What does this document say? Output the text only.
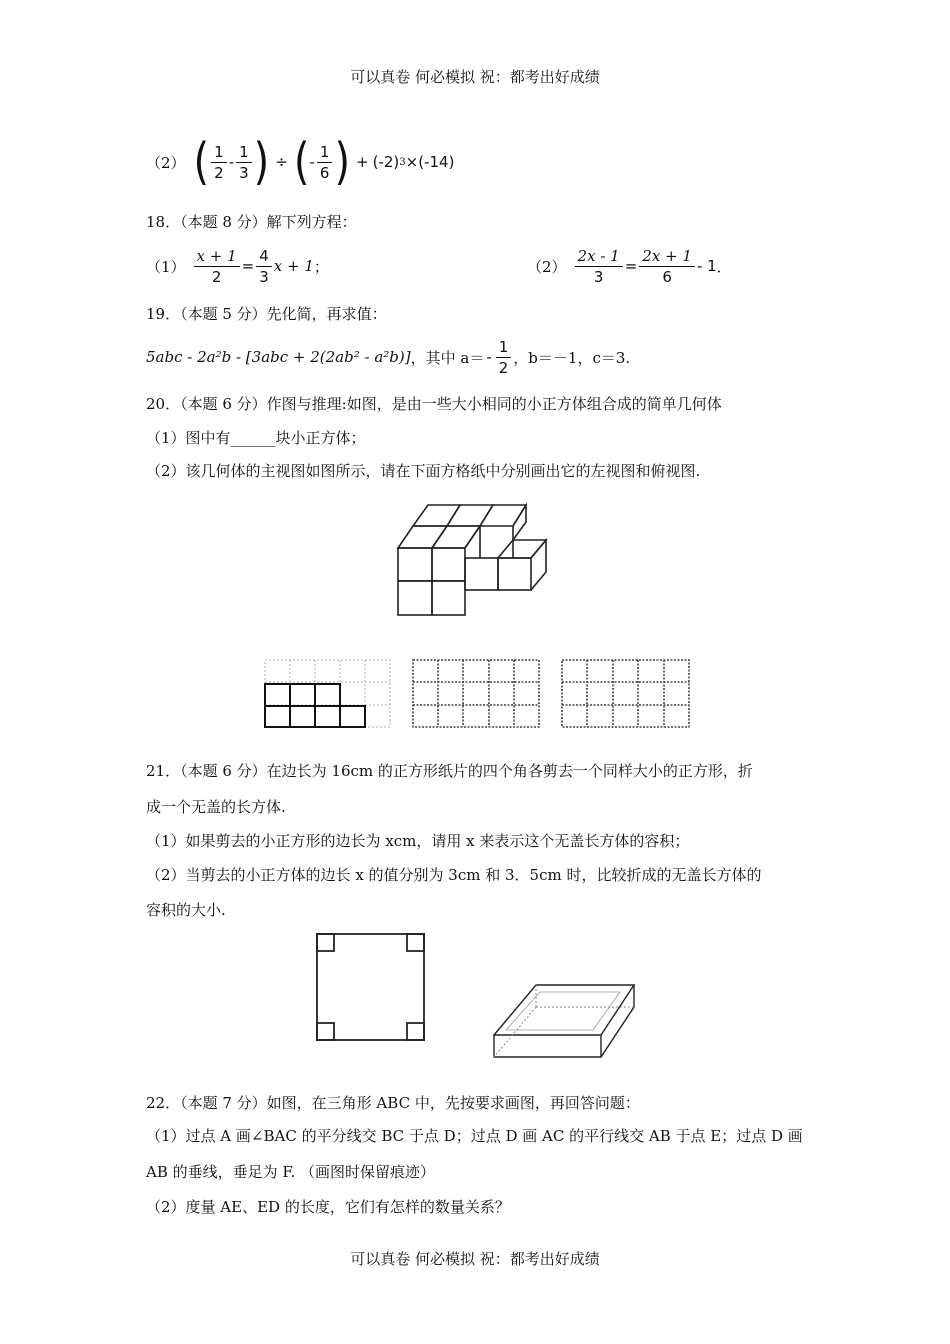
可以真卷 何必模拟 祝：都考出好成绩
（2） ( $\frac{1}{2} - \frac{1}{3}$ ) ÷ ( - $\frac{1}{6}$ ) + (-2) 3 ×(-14)
18．（本题 8 分）解下列方程：
$(1) \frac{x + 1}{2} = \frac{4}{3}$ x + 1 ；	$(2) \frac{2x - 1}{3} = \frac{2x + 1}{6} - 1$ ．
19．（本题 5 分）先化简，再求值：
5abc - 2a²b - [3abc + 2(2ab² - a²b)] ，其中 $a= - \frac{1}{2}$ ，b＝－1，c＝3.
20．（本题 6 分）作图与推理:如图，是由一些大小相同的小正方体组合成的简单几何体
（1）图中有______块小正方体；
（2）该几何体的主视图如图所示，请在下面方格纸中分别画出它的左视图和俯视图.
21．（本题 6 分）在边长为 16cm 的正方形纸片的四个角各剪去一个同样大小的正方形，折
成一个无盖的长方体.
（1）如果剪去的小正方形的边长为 xcm，请用 x 来表示这个无盖长方体的容积；
（2）当剪去的小正方体的边长 x 的值分别为 3cm 和 3．5cm 时，比较折成的无盖长方体的
容积的大小.
22．（本题 7 分）如图，在三角形 ABC 中，先按要求画图，再回答问题：
（1）过点 A 画∠BAC 的平分线交 BC 于点 D；过点 D 画 AC 的平行线交 AB 于点 E；过点 D 画
AB 的垂线，垂足为 F. （画图时保留痕迹）
（2）度量 AE、ED 的长度，它们有怎样的数量关系？
可以真卷 何必模拟 祝：都考出好成绩
